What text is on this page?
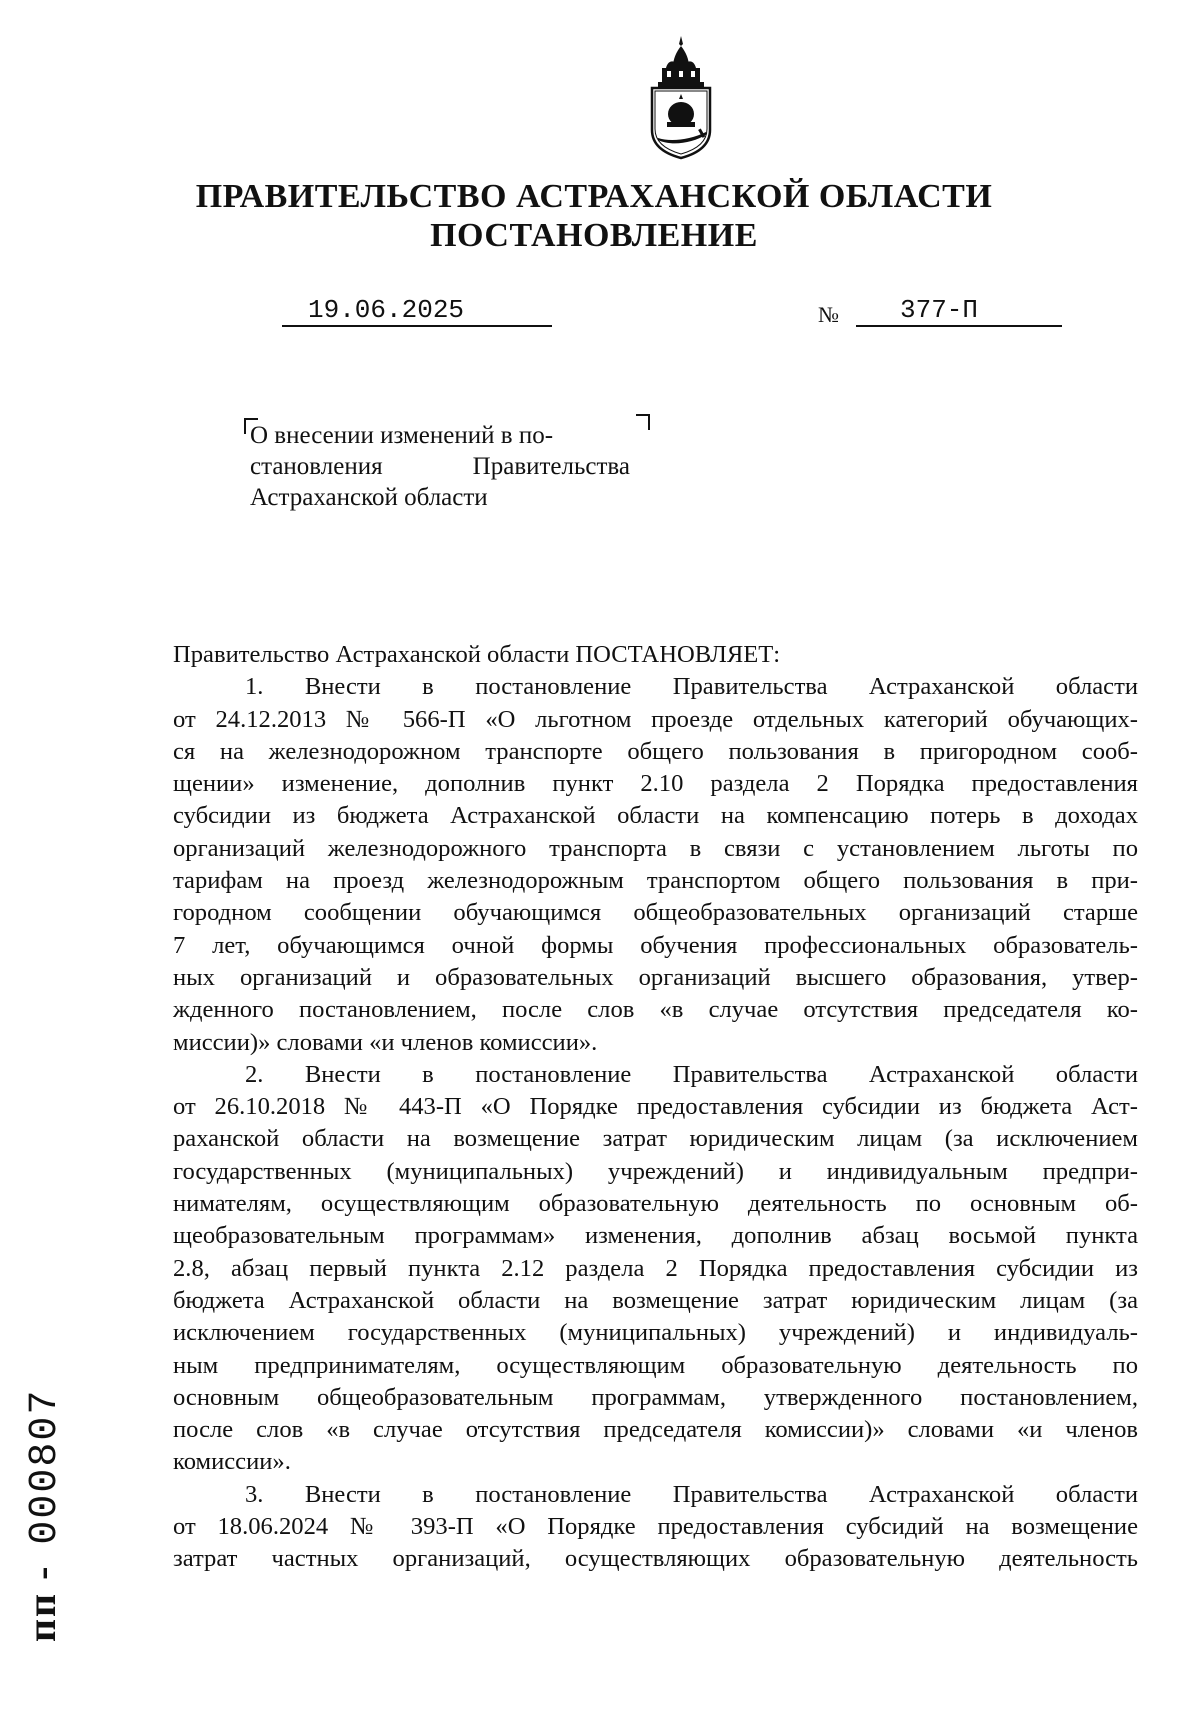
ПРАВИТЕЛЬСТВО АСТРАХАНСКОЙ ОБЛАСТИ
ПОСТАНОВЛЕНИЕ
19.06.2025	№	377-П
О внесении изменений в по-
становления Правительства
Астраханской области
Правительство Астраханской области ПОСТАНОВЛЯЕТ:
1. Внести в постановление Правительства Астраханской области
от 24.12.2013 № 566-П «О льготном проезде отдельных категорий обучающих-
ся на железнодорожном транспорте общего пользования в пригородном сооб-
щении» изменение, дополнив пункт 2.10 раздела 2 Порядка предоставления
субсидии из бюджета Астраханской области на компенсацию потерь в доходах
организаций железнодорожного транспорта в связи с установлением льготы по
тарифам на проезд железнодорожным транспортом общего пользования в при-
городном сообщении обучающимся общеобразовательных организаций старше
7 лет, обучающимся очной формы обучения профессиональных образователь-
ных организаций и образовательных организаций высшего образования, утвер-
жденного постановлением, после слов «в случае отсутствия председателя ко-
миссии)» словами «и членов комиссии».
2. Внести в постановление Правительства Астраханской области
от 26.10.2018 № 443-П «О Порядке предоставления субсидии из бюджета Аст-
раханской области на возмещение затрат юридическим лицам (за исключением
государственных (муниципальных) учреждений) и индивидуальным предпри-
нимателям, осуществляющим образовательную деятельность по основным об-
щеобразовательным программам» изменения, дополнив абзац восьмой пункта
2.8, абзац первый пункта 2.12 раздела 2 Порядка предоставления субсидии из
бюджета Астраханской области на возмещение затрат юридическим лицам (за
исключением государственных (муниципальных) учреждений) и индивидуаль-
ным предпринимателям, осуществляющим образовательную деятельность по
основным общеобразовательным программам, утвержденного постановлением,
после слов «в случае отсутствия председателя комиссии)» словами «и членов
комиссии».
3. Внести в постановление Правительства Астраханской области
от 18.06.2024 № 393-П «О Порядке предоставления субсидий на возмещение
затрат частных организаций, осуществляющих образовательную деятельность
пп -000807
